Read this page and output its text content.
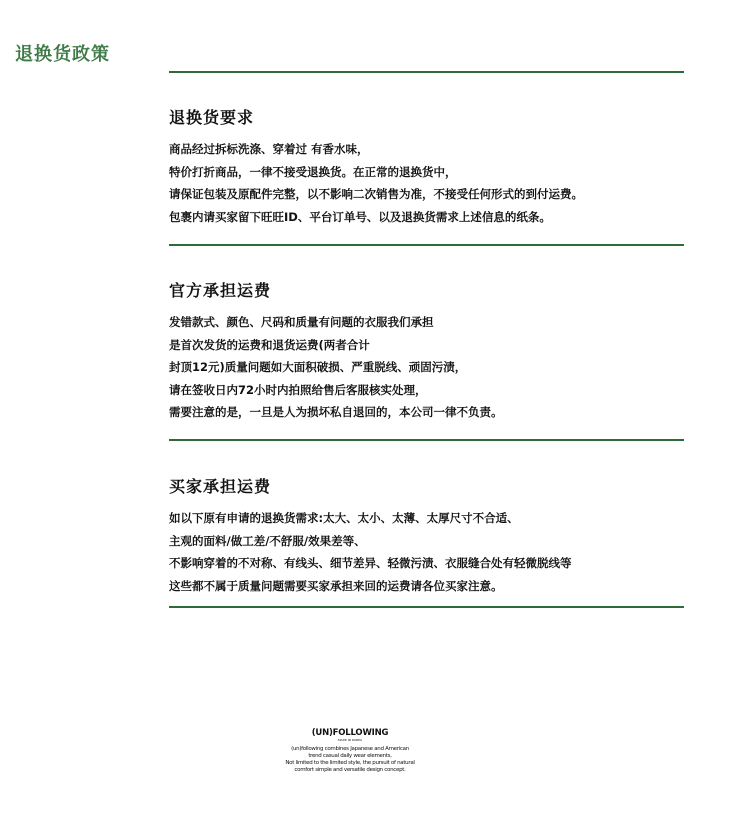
退换货政策
退换货要求
商品经过拆标洗涤、穿着过 有香水味，
特价打折商品，一律不接受退换货。在正常的退换货中，
请保证包装及原配件完整，以不影响二次销售为准，不接受任何形式的到付运费。
包裹内请买家留下旺旺ID、平台订单号、以及退换货需求上述信息的纸条。
官方承担运费
发错款式、颜色、尺码和质量有问题的衣服我们承担
是首次发货的运费和退货运费(两者合计
封顶12元)质量问题如大面积破损、严重脱线、顽固污渍，
请在签收日内72小时内拍照给售后客服核实处理，
需要注意的是，一旦是人为损坏私自退回的，本公司一律不负责。
买家承担运费
如以下原有申请的退换货需求:太大、太小、太薄、太厚尺寸不合适、
主观的面料/做工差/不舒服/效果差等、
不影响穿着的不对称、有线头、细节差异、轻微污渍、衣服缝合处有轻微脱线等
这些都不属于质量问题需要买家承担来回的运费请各位买家注意。
(UN)FOLLOWING
MADE IN KOREA
(un)following combines Japanese and American
trend casual daily wear elements,
Not limited to the limited style, the pursuit of natural
comfort simple and versatile design concept.
